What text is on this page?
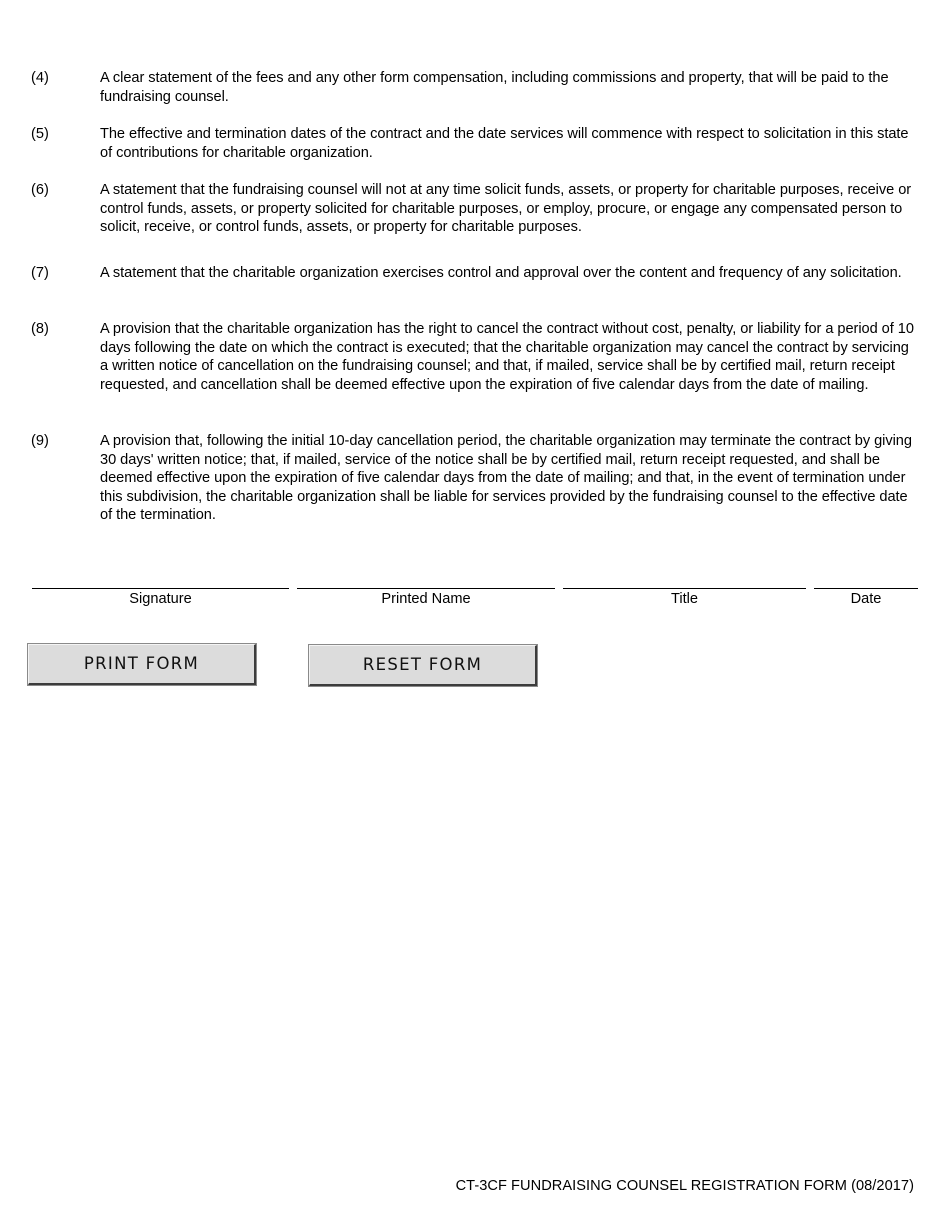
(4)	A clear statement of the fees and any other form compensation, including commissions and property, that will be paid to the fundraising counsel.
(5)	The effective and termination dates of the contract and the date services will commence with respect to solicitation in this state of contributions for charitable organization.
(6)	A statement that the fundraising counsel will not at any time solicit funds, assets, or property for charitable purposes, receive or control funds, assets, or property solicited for charitable purposes, or employ, procure, or engage any compensated person to solicit, receive, or control funds, assets, or property for charitable purposes.
(7)	A statement that the charitable organization exercises control and approval over the content and frequency of any solicitation.
(8)	A provision that the charitable organization has the right to cancel the contract without cost, penalty, or liability for a period of 10 days following the date on which the contract is executed; that the charitable organization may cancel the contract by servicing a written notice of cancellation on the fundraising counsel; and that, if mailed, service shall be by certified mail, return receipt requested, and cancellation shall be deemed effective upon the expiration of five calendar days from the date of mailing.
(9)	A provision that, following the initial 10-day cancellation period, the charitable organization may terminate the contract by giving 30 days' written notice; that, if mailed, service of the notice shall be by certified mail, return receipt requested, and shall be deemed effective upon the expiration of five calendar days from the date of mailing; and that, in the event of termination under this subdivision, the charitable organization shall be liable for services provided by the fundraising counsel to the effective date of the termination.
Signature	Printed Name	Title	Date
PRINT FORM	RESET FORM
CT-3CF FUNDRAISING COUNSEL REGISTRATION FORM (08/2017)
